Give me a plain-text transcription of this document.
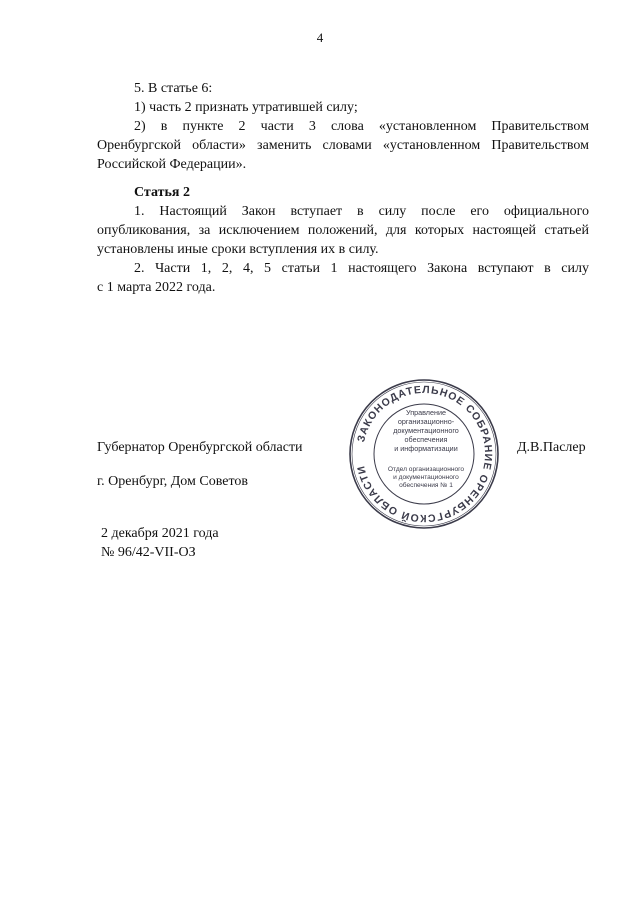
4
5. В статье 6:
1) часть 2 признать утратившей силу;
2) в пункте 2 части 3 слова «установленном Правительством
Оренбургской области» заменить словами «установленном Правительством
Российской Федерации».
Статья 2
1. Настоящий Закон вступает в силу после его официального
опубликования, за исключением положений, для которых настоящей статьей
установлены иные сроки вступления их в силу.
2. Части 1, 2, 4, 5 статьи 1 настоящего Закона вступают в силу
с 1 марта 2022 года.
Губернатор Оренбургской области	Д.В.Паслер
г. Оренбург, Дом Советов
2 декабря 2021 года
№ 96/42-VII-ОЗ
ЗАКОНОДАТЕЛЬНОЕ СОБРАНИЕ ОРЕНБУРГСКОЙ ОБЛАСТИ
Управление
организационно-
документационного
обеспечения
и информатизации
Отдел организационного
и документационного
обеспечения № 1
